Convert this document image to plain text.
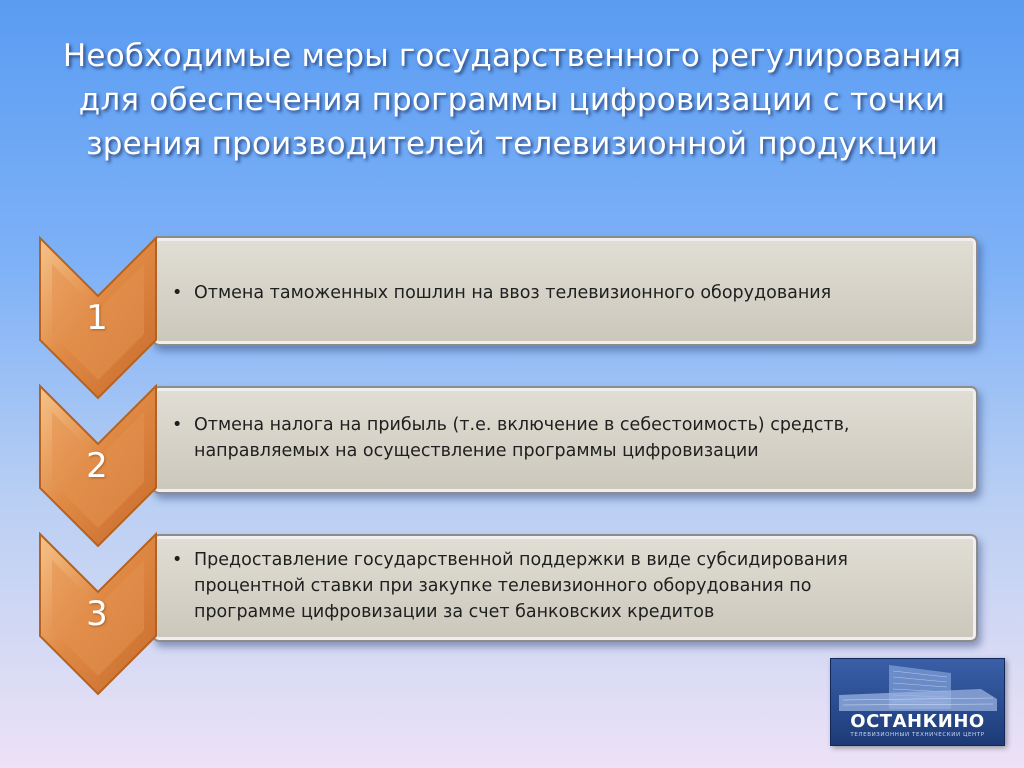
Необходимые меры государственного регулирования
для обеспечения программы цифровизации с точки
зрения производителей телевизионной продукции
• Отмена таможенных пошлин на ввоз телевизионного оборудования
1
• Отмена налога на прибыль (т.е. включение в себестоимость) средств,
направляемых на осуществление программы цифровизации
2
• Предоставление государственной поддержки в виде субсидирования
процентной ставки при закупке телевизионного оборудования по
программе цифровизации за счет банковских кредитов
3
ОСТАНКИНО
ТЕЛЕВИЗИОННЫЙ ТЕХНИЧЕСКИЙ ЦЕНТР
